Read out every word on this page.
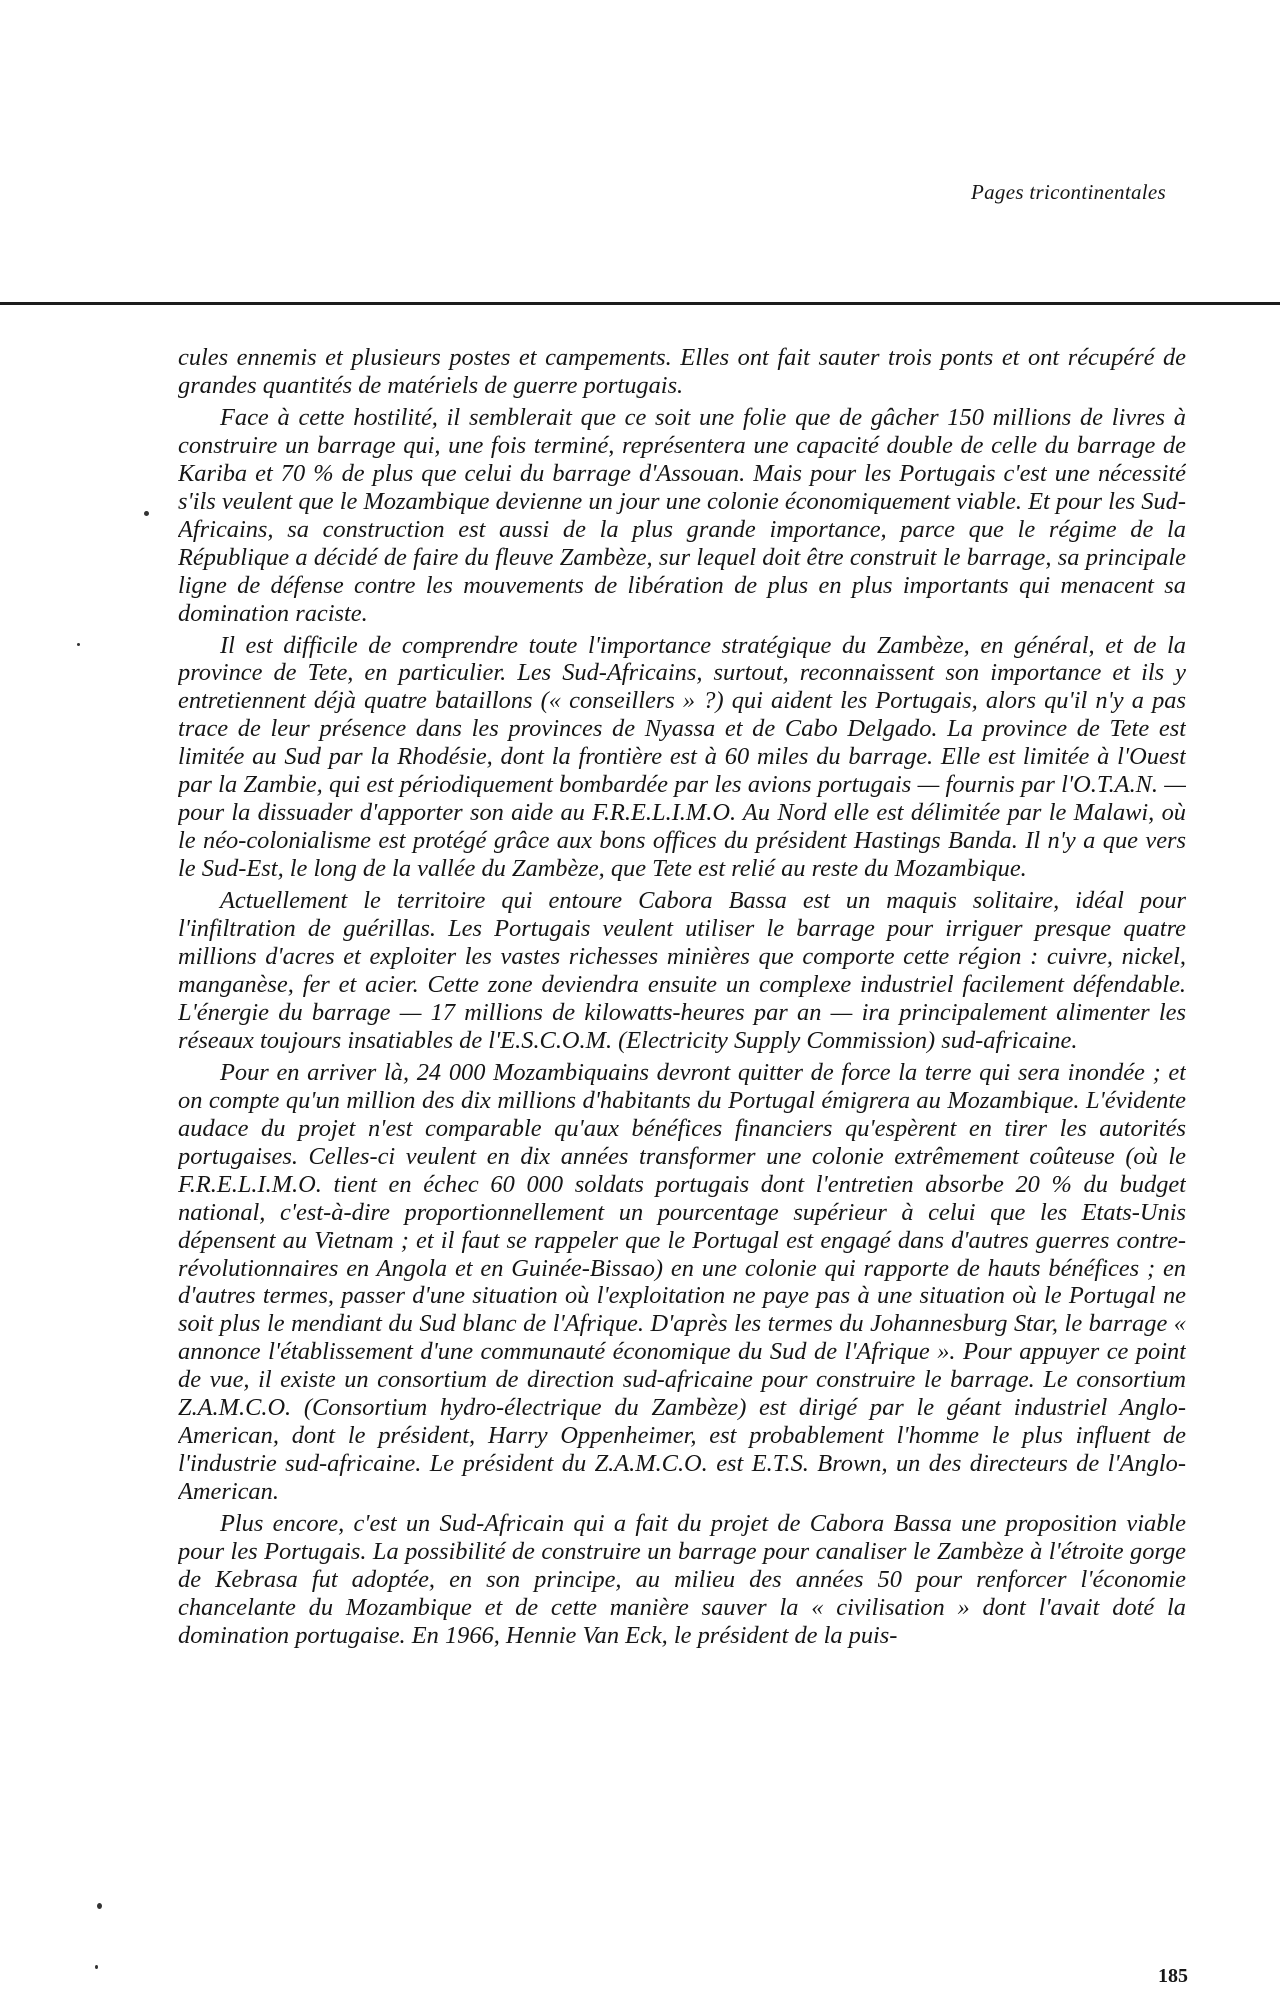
Pages tricontinentales

cules ennemis et plusieurs postes et campements. Elles ont fait sauter trois ponts et ont récupéré de grandes quantités de matériels de guerre portugais.

Face à cette hostilité, il semblerait que ce soit une folie que de gâcher 150 millions de livres à construire un barrage qui, une fois terminé, représentera une capacité double de celle du barrage de Kariba et 70 % de plus que celui du barrage d'Assouan. Mais pour les Portugais c'est une nécessité s'ils veulent que le Mozambique devienne un jour une colonie économiquement viable. Et pour les Sud-Africains, sa construction est aussi de la plus grande importance, parce que le régime de la République a décidé de faire du fleuve Zambèze, sur lequel doit être construit le barrage, sa principale ligne de défense contre les mouvements de libération de plus en plus importants qui menacent sa domination raciste.

Il est difficile de comprendre toute l'importance stratégique du Zambèze, en général, et de la province de Tete, en particulier. Les Sud-Africains, surtout, reconnaissent son importance et ils y entretiennent déjà quatre bataillons (« conseillers » ?) qui aident les Portugais, alors qu'il n'y a pas trace de leur présence dans les provinces de Nyassa et de Cabo Delgado. La province de Tete est limitée au Sud par la Rhodésie, dont la frontière est à 60 miles du barrage. Elle est limitée à l'Ouest par la Zambie, qui est périodiquement bombardée par les avions portugais — fournis par l'O.T.A.N. — pour la dissuader d'apporter son aide au F.R.E.L.I.M.O. Au Nord elle est délimitée par le Malawi, où le néo-colonialisme est protégé grâce aux bons offices du président Hastings Banda. Il n'y a que vers le Sud-Est, le long de la vallée du Zambèze, que Tete est relié au reste du Mozambique.

Actuellement le territoire qui entoure Cabora Bassa est un maquis solitaire, idéal pour l'infiltration de guérillas. Les Portugais veulent utiliser le barrage pour irriguer presque quatre millions d'acres et exploiter les vastes richesses minières que comporte cette région : cuivre, nickel, manganèse, fer et acier. Cette zone deviendra ensuite un complexe industriel facilement défendable. L'énergie du barrage — 17 millions de kilowatts-heures par an — ira principalement alimenter les réseaux toujours insatiables de l'E.S.C.O.M. (Electricity Supply Commission) sud-africaine.

Pour en arriver là, 24 000 Mozambiquains devront quitter de force la terre qui sera inondée ; et on compte qu'un million des dix millions d'habitants du Portugal émigrera au Mozambique. L'évidente audace du projet n'est comparable qu'aux bénéfices financiers qu'espèrent en tirer les autorités portugaises. Celles-ci veulent en dix années transformer une colonie extrêmement coûteuse (où le F.R.E.L.I.M.O. tient en échec 60 000 soldats portugais dont l'entretien absorbe 20 % du budget national, c'est-à-dire proportionnellement un pourcentage supérieur à celui que les Etats-Unis dépensent au Vietnam ; et il faut se rappeler que le Portugal est engagé dans d'autres guerres contre-révolutionnaires en Angola et en Guinée-Bissao) en une colonie qui rapporte de hauts bénéfices ; en d'autres termes, passer d'une situation où l'exploitation ne paye pas à une situation où le Portugal ne soit plus le mendiant du Sud blanc de l'Afrique. D'après les termes du Johannesburg Star, le barrage « annonce l'établissement d'une communauté économique du Sud de l'Afrique ». Pour appuyer ce point de vue, il existe un consortium de direction sud-africaine pour construire le barrage. Le consortium Z.A.M.C.O. (Consortium hydro-électrique du Zambèze) est dirigé par le géant industriel Anglo-American, dont le président, Harry Oppenheimer, est probablement l'homme le plus influent de l'industrie sud-africaine. Le président du Z.A.M.C.O. est E.T.S. Brown, un des directeurs de l'Anglo-American.

Plus encore, c'est un Sud-Africain qui a fait du projet de Cabora Bassa une proposition viable pour les Portugais. La possibilité de construire un barrage pour canaliser le Zambèze à l'étroite gorge de Kebrasa fut adoptée, en son principe, au milieu des années 50 pour renforcer l'économie chancelante du Mozambique et de cette manière sauver la « civilisation » dont l'avait doté la domination portugaise. En 1966, Hennie Van Eck, le président de la puis-

185
